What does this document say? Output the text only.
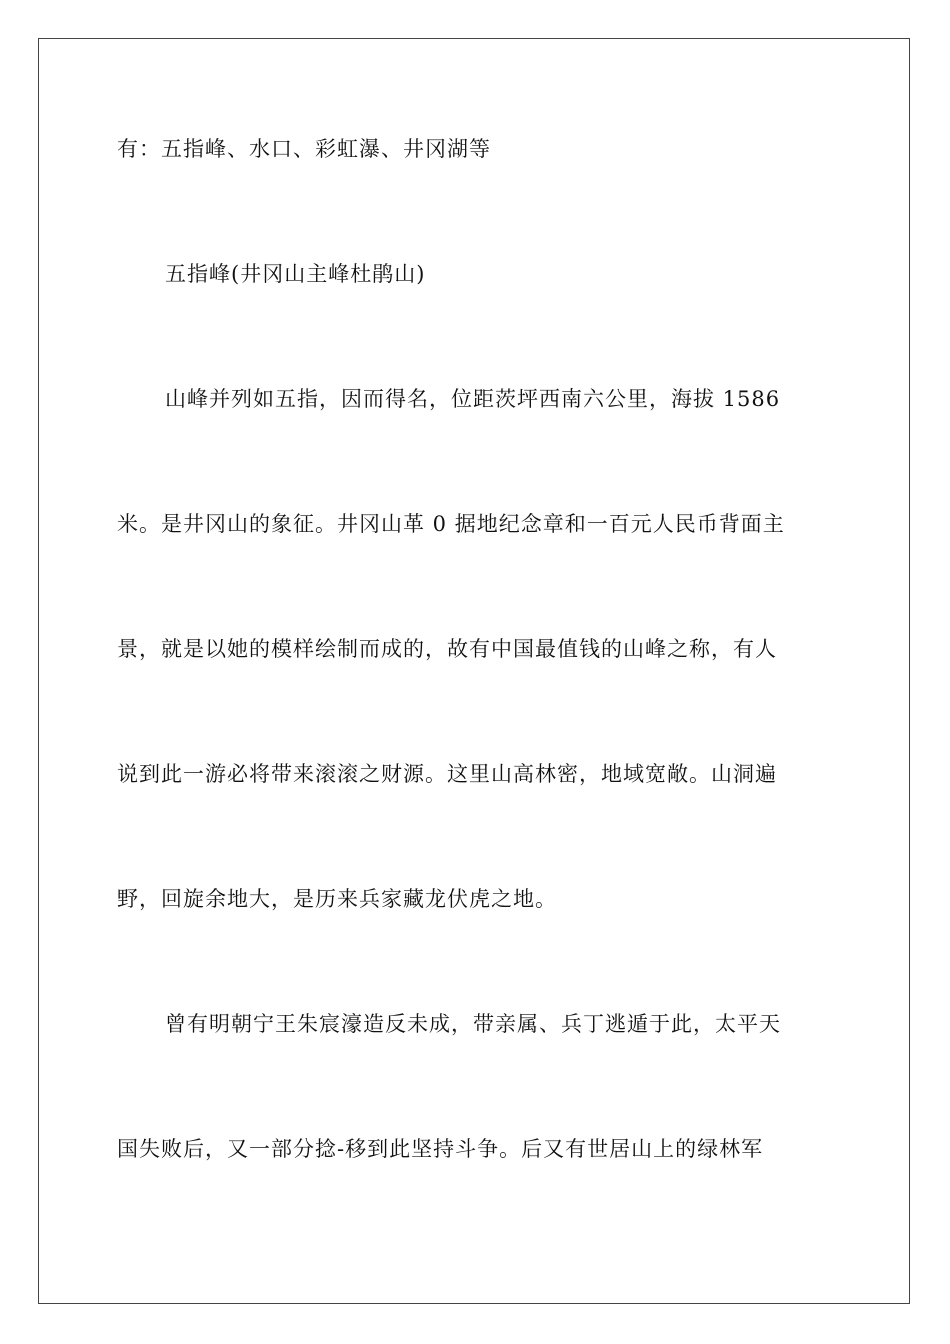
有：五指峰、水口、彩虹瀑、井冈湖等
五指峰(井冈山主峰杜鹃山)
山峰并列如五指，因而得名，位距茨坪西南六公里，海拔 1586
米。是井冈山的象征。井冈山革 0 据地纪念章和一百元人民币背面主
景，就是以她的模样绘制而成的，故有中国最值钱的山峰之称，有人
说到此一游必将带来滚滚之财源。这里山高林密，地域宽敞。山洞遍
野，回旋余地大，是历来兵家藏龙伏虎之地。
曾有明朝宁王朱宸濠造反未成，带亲属、兵丁逃遁于此，太平天
国失败后，又一部分捻-移到此坚持斗争。后又有世居山上的绿林军
